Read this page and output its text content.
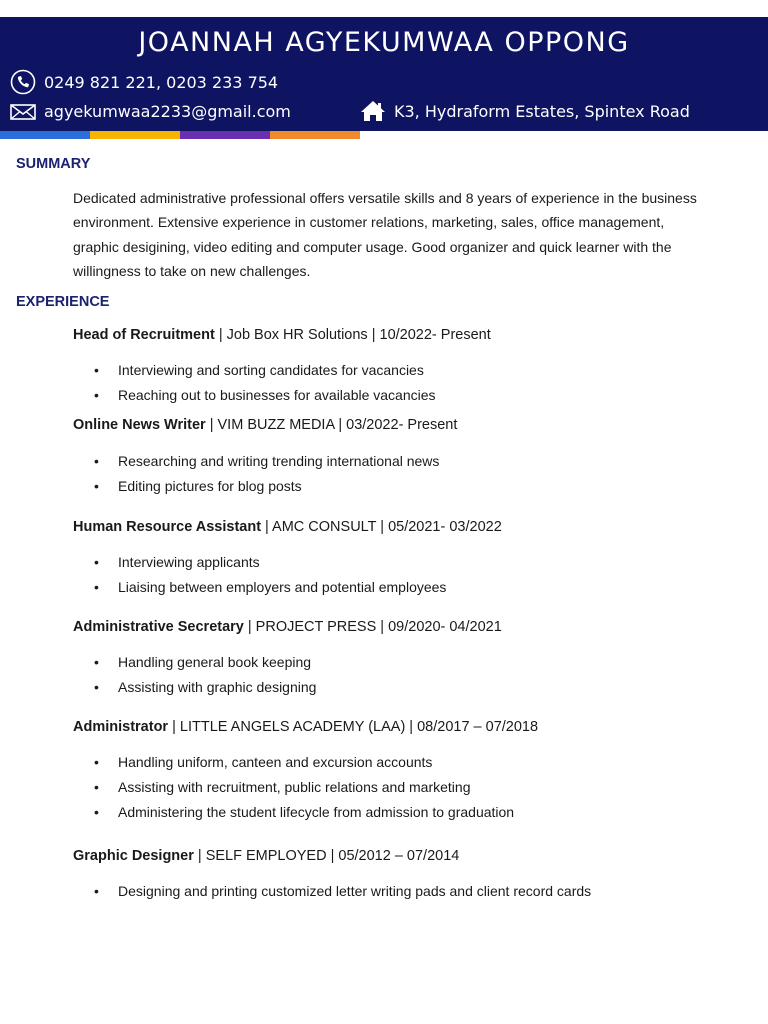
JOANNAH AGYEKUMWAA OPPONG
0249 821 221, 0203 233 754
agyekumwaa2233@gmail.com	K3, Hydraform Estates, Spintex Road
SUMMARY
Dedicated administrative professional offers versatile skills and 8 years of experience in the business environment. Extensive experience in customer relations, marketing, sales, office management, graphic desigining, video editing and computer usage. Good organizer and quick learner with the willingness to take on new challenges.
EXPERIENCE
Head of Recruitment | Job Box HR Solutions | 10/2022- Present
• Interviewing and sorting candidates for vacancies
• Reaching out to businesses for available vacancies
Online News Writer | VIM BUZZ MEDIA | 03/2022- Present
• Researching and writing trending international news
• Editing pictures for blog posts
Human Resource Assistant | AMC CONSULT | 05/2021- 03/2022
• Interviewing applicants
• Liaising between employers and potential employees
Administrative Secretary | PROJECT PRESS | 09/2020- 04/2021
• Handling general book keeping
• Assisting with graphic designing
Administrator | LITTLE ANGELS ACADEMY (LAA) | 08/2017 – 07/2018
• Handling uniform, canteen and excursion accounts
• Assisting with recruitment, public relations and marketing
• Administering the student lifecycle from admission to graduation
Graphic Designer | SELF EMPLOYED | 05/2012 – 07/2014
• Designing and printing customized letter writing pads and client record cards
